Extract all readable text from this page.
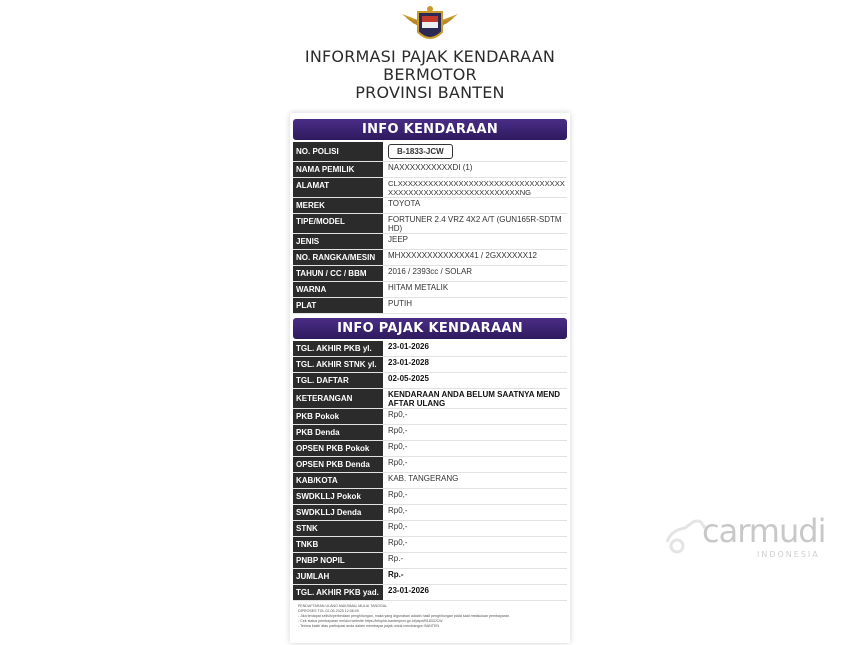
INFORMASI PAJAK KENDARAAN
BERMOTOR
PROVINSI BANTEN
INFO KENDARAAN
NO. POLISI	B-1833-JCW
NAMA PEMILIK	NAXXXXXXXXXXDI (1)
ALAMAT	CLXXXXXXXXXXXXXXXXXXXXXXXXXXXXXXXXXXXXXXXXXXXXXXXXXXXXXXXXXXXNG
MEREK	TOYOTA
TIPE/MODEL	FORTUNER 2.4 VRZ 4X2 A/T (GUN165R-SDTMHD)
JENIS	JEEP
NO. RANGKA/MESIN	MHXXXXXXXXXXXXX41 / 2GXXXXXX12
TAHUN / CC / BBM	2016 / 2393cc / SOLAR
WARNA	HITAM METALIK
PLAT	PUTIH
INFO PAJAK KENDARAAN
TGL. AKHIR PKB yl.	23-01-2026
TGL. AKHIR STNK yl.	23-01-2028
TGL. DAFTAR	02-05-2025
KETERANGAN	KENDARAAN ANDA BELUM SAATNYA MENDAFTAR ULANG
PKB Pokok	Rp0,-
PKB Denda	Rp0,-
OPSEN PKB Pokok	Rp0,-
OPSEN PKB Denda	Rp0,-
KAB/KOTA	KAB. TANGERANG
SWDKLLJ Pokok	Rp0,-
SWDKLLJ Denda	Rp0,-
STNK	Rp0,-
TNKB	Rp0,-
PNBP NOPIL	Rp.-
JUMLAH	Rp.-
TGL. AKHIR PKB yad.	23-01-2026
PENDAFTARAN ULANG MAKSIMAL MULAI TANGGAL
DIPROSES TGL 02-05-2025 12:06:09
- Jika terdapat selisih/perbedaan penghitungan, maka yang digunakan adalah hasil penghitungan pada saat melakukan pembayaran.
- Cek status pembayaran melalui website https://infopkb.bantenprov.go.id/pkpd/B1833JCW
- Terima kasih atas partisipasi anda dalam membayar pajak untuk membangun BANTEN
carmudi
INDONESIA
